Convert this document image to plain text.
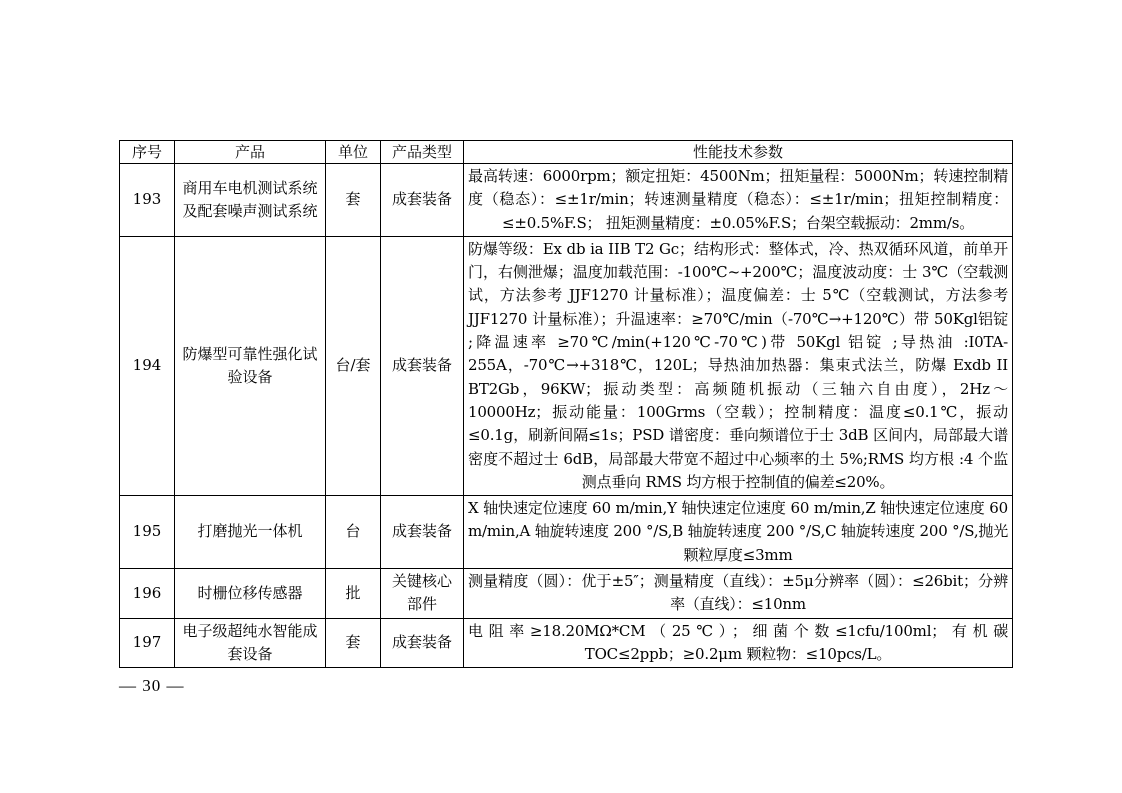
序号	产品	单位	产品类型	性能技术参数
193	商用车电机测试系统及配套噪声测试系统	套	成套装备	最高转速：6000rpm；额定扭矩：4500Nm；扭矩量程：5000Nm；转速控制精度（稳态）：≤±1r/min；转速测量精度（稳态）：≤±1r/min；扭矩控制精度：≤±0.5%F.S； 扭矩测量精度：±0.05%F.S；台架空载振动：2mm/s。
194	防爆型可靠性强化试验设备	台/套	成套装备	防爆等级：Ex db ia IIB T2 Gc；结构形式：整体式，冷、热双循环风道，前单开门，右侧泄爆；温度加载范围：-100℃~+200℃；温度波动度：士 3℃（空载测试，方法参考 JJF1270 计量标准）；温度偏差：士 5℃（空载测试，方法参考 JJF1270 计量标准）；升温速率：≥70℃/min（-70℃→+120℃）带 50Kgl铝锭 ;降温速率 ≥70℃/min(+120℃-70℃)带 50Kgl 铝锭 ;导热油 :I0TA-255A，-70℃→+318℃，120L；导热油加热器：集束式法兰，防爆 Exdb II BT2Gb，96KW；振动类型：高频随机振动（三轴六自由度），2Hz～10000Hz；振动能量：100Grms（空载）；控制精度：温度≤0.1℃，振动≤0.1g，刷新间隔≤1s；PSD 谱密度：垂向频谱位于士 3dB 区间内，局部最大谱密度不超过士 6dB，局部最大带宽不超过中心频率的土 5%;RMS 均方根 :4 个监测点垂向 RMS 均方根于控制值的偏差≤20%。
195	打磨抛光一体机	台	成套装备	X 轴快速定位速度 60 m/min,Y 轴快速定位速度 60 m/min,Z 轴快速定位速度 60 m/min,A 轴旋转速度 200 °/S,B 轴旋转速度 200 °/S,C 轴旋转速度 200 °/S,抛光颗粒厚度≤3mm
196	时栅位移传感器	批	关键核心部件	测量精度（圆）：优于±5″；测量精度（直线）：±5μ分辨率（圆）：≤26bit；分辨率（直线）：≤10nm
197	电子级超纯水智能成套设备	套	成套装备	电阻率≥18.20MΩ*CM（25℃）；细菌个数≤1cfu/100ml；有机碳 TOC≤2ppb；≥0.2μm 颗粒物：≤10pcs/L。
— 30 —
